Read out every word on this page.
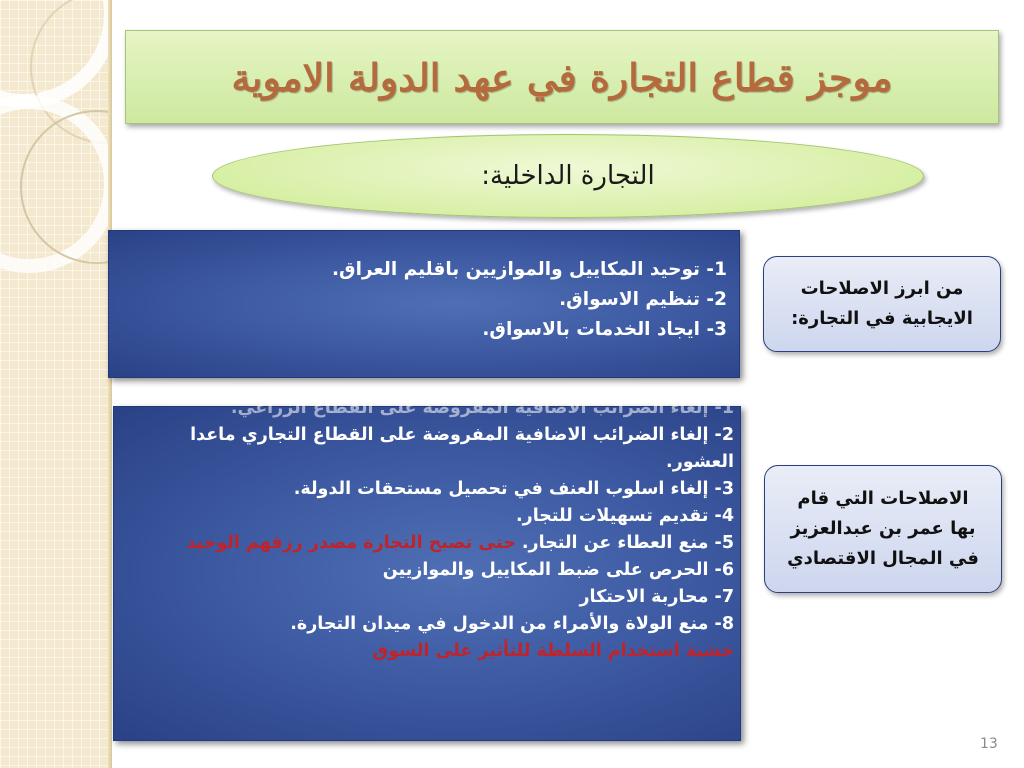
موجز قطاع التجارة في عهد الدولة الاموية
التجارة الداخلية:
1- توحيد المكاييل والموازيين باقليم العراق.
2- تنظيم الاسواق.
3- ايجاد الخدمات بالاسواق.
من ابرز الاصلاحات
الايجابية في التجارة:
1- إلغاء الضرائب الاضافية المفروضة على القطاع الزراعي.
2- إلغاء الضرائب الاضافية المفروضة على القطاع التجاري ماعدا العشور.
3- إلغاء اسلوب العنف في تحصيل مستحقات الدولة.
4- تقديم تسهيلات للتجار.
5- منع العطاء عن التجار. حتى تصبح التجارة مصدر رزقهم الوحيد
6- الحرص على ضبط المكاييل والموازيين
7- محاربة الاحتكار
8- منع الولاة والأمراء من الدخول في ميدان التجارة.
خشية استخدام السلطة للتأثير على السوق
الاصلاحات التي قام
بها عمر بن عبدالعزيز
في المجال الاقتصادي
13
